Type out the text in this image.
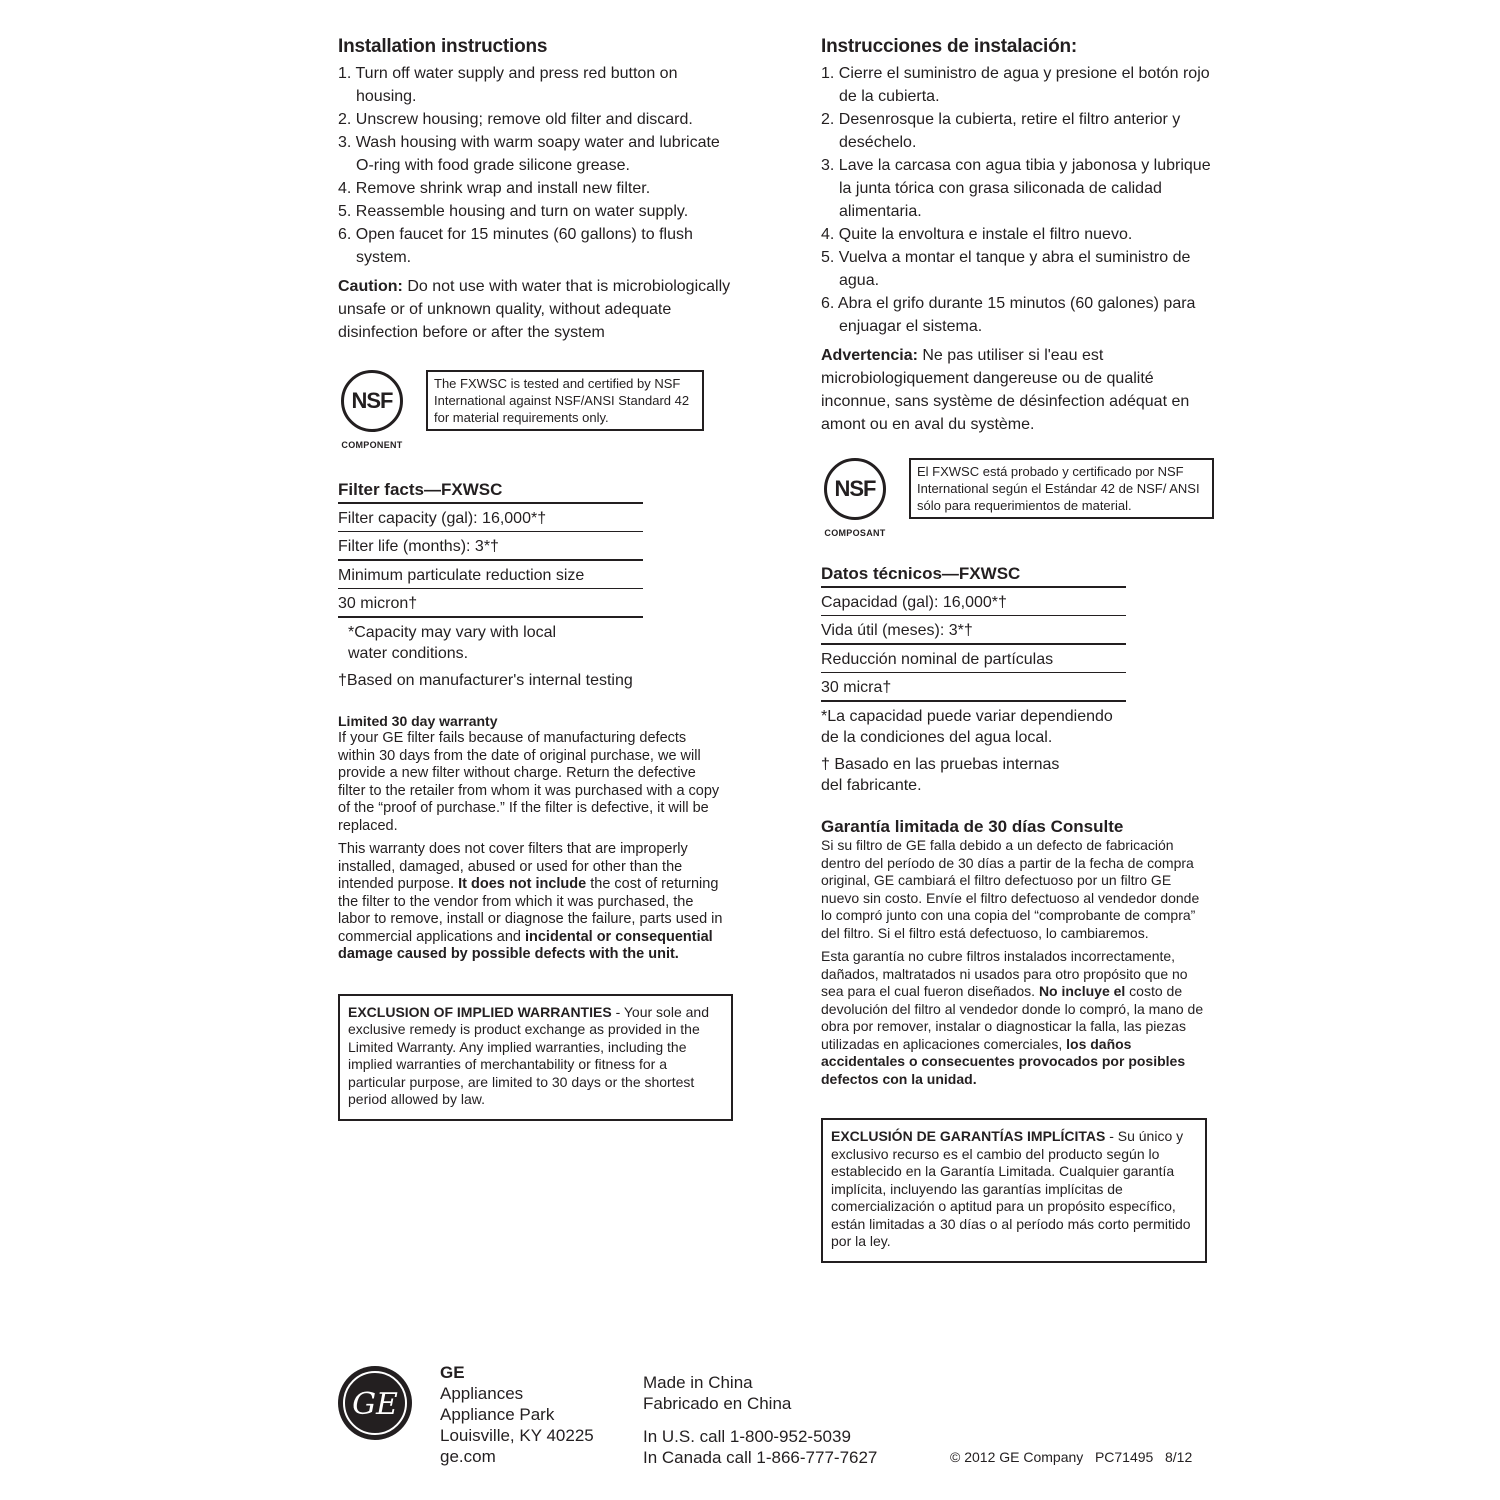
Installation instructions
1. Turn off water supply and press red button on housing.
2. Unscrew housing; remove old filter and discard.
3. Wash housing with warm soapy water and lubricate O-ring with food grade silicone grease.
4. Remove shrink wrap and install new filter.
5. Reassemble housing and turn on water supply.
6. Open faucet for 15 minutes (60 gallons) to flush system.

Caution: Do not use with water that is microbiologically unsafe or of unknown quality, without adequate disinfection before or after the system

NSF
COMPONENT
The FXWSC is tested and certified by NSF International against NSF/ANSI Standard 42 for material requirements only.
Filter facts—FXWSC
Filter capacity (gal): 16,000*†
Filter life (months): 3*†
Minimum particulate reduction size
30 micron†
*Capacity may vary with local water conditions.
†Based on manufacturer's internal testing

Limited 30 day warranty

If your GE filter fails because of manufacturing defects within 30 days from the date of original purchase, we will provide a new filter without charge. Return the defective filter to the retailer from whom it was purchased with a copy of the “proof of purchase.” If the filter is defective, it will be replaced.

This warranty does not cover filters that are improperly installed, damaged, abused or used for other than the intended purpose. It does not include the cost of returning the filter to the vendor from which it was purchased, the labor to remove, install or diagnose the failure, parts used in commercial applications and incidental or consequential damage caused by possible defects with the unit.

EXCLUSION OF IMPLIED WARRANTIES - Your sole and exclusive remedy is product exchange as provided in the Limited Warranty. Any implied warranties, including the implied warranties of merchantability or fitness for a particular purpose, are limited to 30 days or the shortest period allowed by law.
Instrucciones de instalación:
1. Cierre el suministro de agua y presione el botón rojo de la cubierta.
2. Desenrosque la cubierta, retire el filtro anterior y deséchelo.
3. Lave la carcasa con agua tibia y jabonosa y lubrique la junta tórica con grasa siliconada de calidad alimentaria.
4. Quite la envoltura e instale el filtro nuevo.
5. Vuelva a montar el tanque y abra el suministro de agua.
6. Abra el grifo durante 15 minutos (60 galones) para enjuagar el sistema.

Advertencia: Ne pas utiliser si l'eau est microbiologiquement dangereuse ou de qualité inconnue, sans système de désinfection adéquat en amont ou en aval du système.

NSF
COMPOSANT
El FXWSC está probado y certificado por NSF International según el Estándar 42 de NSF/ ANSI sólo para requerimientos de material.
Datos técnicos—FXWSC
Capacidad (gal): 16,000*†
Vida útil (meses): 3*†
Reducción nominal de partículas
30 micra†
*La capacidad puede variar dependiendo de la condiciones del agua local.
† Basado en las pruebas internas del fabricante.

Garantía limitada de 30 días Consulte

Si su filtro de GE falla debido a un defecto de fabricación dentro del período de 30 días a partir de la fecha de compra original, GE cambiará el filtro defectuoso por un filtro GE nuevo sin costo. Envíe el filtro defectuoso al vendedor donde lo compró junto con una copia del “comprobante de compra” del filtro. Si el filtro está defectuoso, lo cambiaremos.

Esta garantía no cubre filtros instalados incorrectamente, dañados, maltratados ni usados para otro propósito que no sea para el cual fueron diseñados. No incluye el costo de devolución del filtro al vendedor donde lo compró, la mano de obra por remover, instalar o diagnosticar la falla, las piezas utilizadas en aplicaciones comerciales, los daños accidentales o consecuentes provocados por posibles defectos con la unidad.

EXCLUSIÓN DE GARANTÍAS IMPLÍCITAS - Su único y exclusivo recurso es el cambio del producto según lo establecido en la Garantía Limitada. Cualquier garantía implícita, incluyendo las garantías implícitas de comercialización o aptitud para un propósito específico, están limitadas a 30 días o al período más corto permitido por la ley.
GE
GE
Appliances
Appliance Park
Louisville, KY 40225
ge.com
Made in China
Fabricado en China
In U.S. call 1-800-952-5039
In Canada call 1-866-777-7627	© 2012 GE Company   PC71495   8/12
